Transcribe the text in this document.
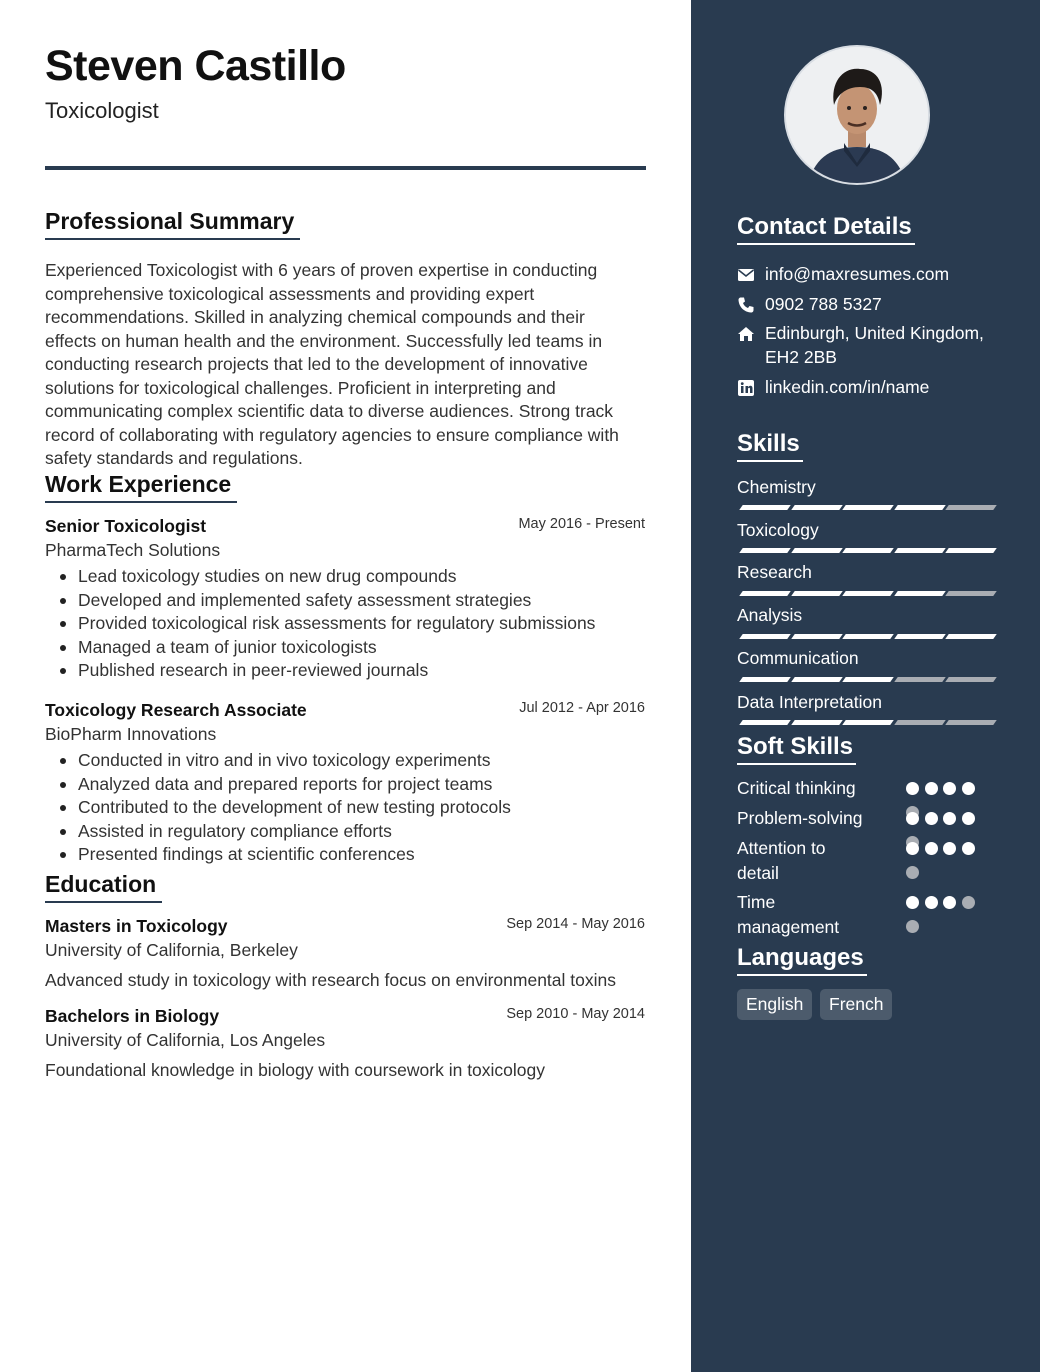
Steven Castillo
Toxicologist
Professional Summary
Experienced Toxicologist with 6 years of proven expertise in conducting
comprehensive toxicological assessments and providing expert
recommendations. Skilled in analyzing chemical compounds and their
effects on human health and the environment. Successfully led teams in
conducting research projects that led to the development of innovative
solutions for toxicological challenges. Proficient in interpreting and
communicating complex scientific data to diverse audiences. Strong track
record of collaborating with regulatory agencies to ensure compliance with
safety standards and regulations.
Work Experience
Senior Toxicologist	May 2016 - Present
PharmaTech Solutions
Lead toxicology studies on new drug compounds
Developed and implemented safety assessment strategies
Provided toxicological risk assessments for regulatory submissions
Managed a team of junior toxicologists
Published research in peer-reviewed journals
Toxicology Research Associate	Jul 2012 - Apr 2016
BioPharm Innovations
Conducted in vitro and in vivo toxicology experiments
Analyzed data and prepared reports for project teams
Contributed to the development of new testing protocols
Assisted in regulatory compliance efforts
Presented findings at scientific conferences
Education
Masters in Toxicology	Sep 2014 - May 2016
University of California, Berkeley
Advanced study in toxicology with research focus on environmental toxins
Bachelors in Biology	Sep 2010 - May 2014
University of California, Los Angeles
Foundational knowledge in biology with coursework in toxicology
Contact Details
info@maxresumes.com
0902 788 5327
Edinburgh, United Kingdom,
EH2 2BB
linkedin.com/in/name
Skills
Chemistry
Toxicology
Research
Analysis
Communication
Data Interpretation
Soft Skills
Critical thinking
Problem-solving
Attention to
detail
Time
management
Languages
English	French
